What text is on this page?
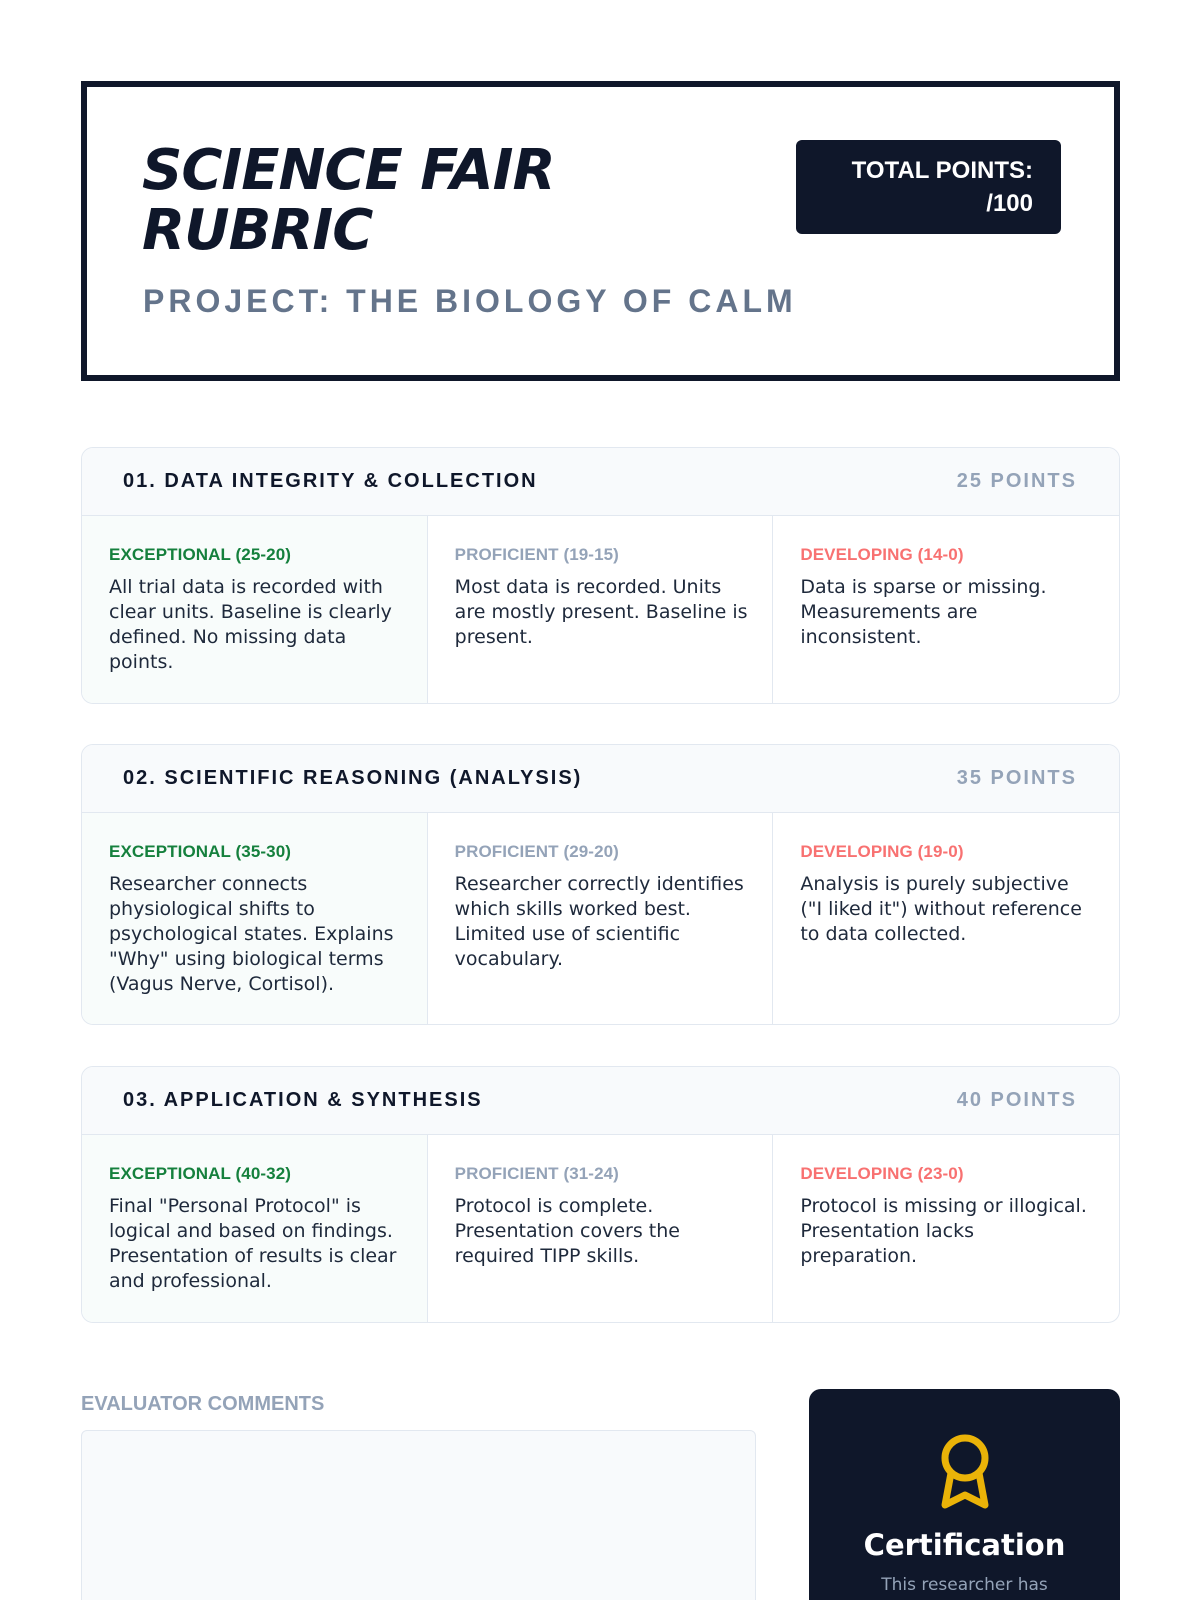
SCIENCE FAIR RUBRIC
PROJECT: THE BIOLOGY OF CALM
TOTAL POINTS:
/100
01. DATA INTEGRITY & COLLECTION	25 POINTS
EXCEPTIONAL (25-20)
All trial data is recorded with clear units. Baseline is clearly defined. No missing data points.
PROFICIENT (19-15)
Most data is recorded. Units are mostly present. Baseline is present.
DEVELOPING (14-0)
Data is sparse or missing. Measurements are inconsistent.
02. SCIENTIFIC REASONING (ANALYSIS)	35 POINTS
EXCEPTIONAL (35-30)
Researcher connects physiological shifts to psychological states. Explains "Why" using biological terms (Vagus Nerve, Cortisol).
PROFICIENT (29-20)
Researcher correctly identifies which skills worked best. Limited use of scientific vocabulary.
DEVELOPING (19-0)
Analysis is purely subjective ("I liked it") without reference to data collected.
03. APPLICATION & SYNTHESIS	40 POINTS
EXCEPTIONAL (40-32)
Final "Personal Protocol" is logical and based on findings. Presentation of results is clear and professional.
PROFICIENT (31-24)
Protocol is complete. Presentation covers the required TIPP skills.
DEVELOPING (23-0)
Protocol is missing or illogical. Presentation lacks preparation.
EVALUATOR COMMENTS
Certification
This researcher has
